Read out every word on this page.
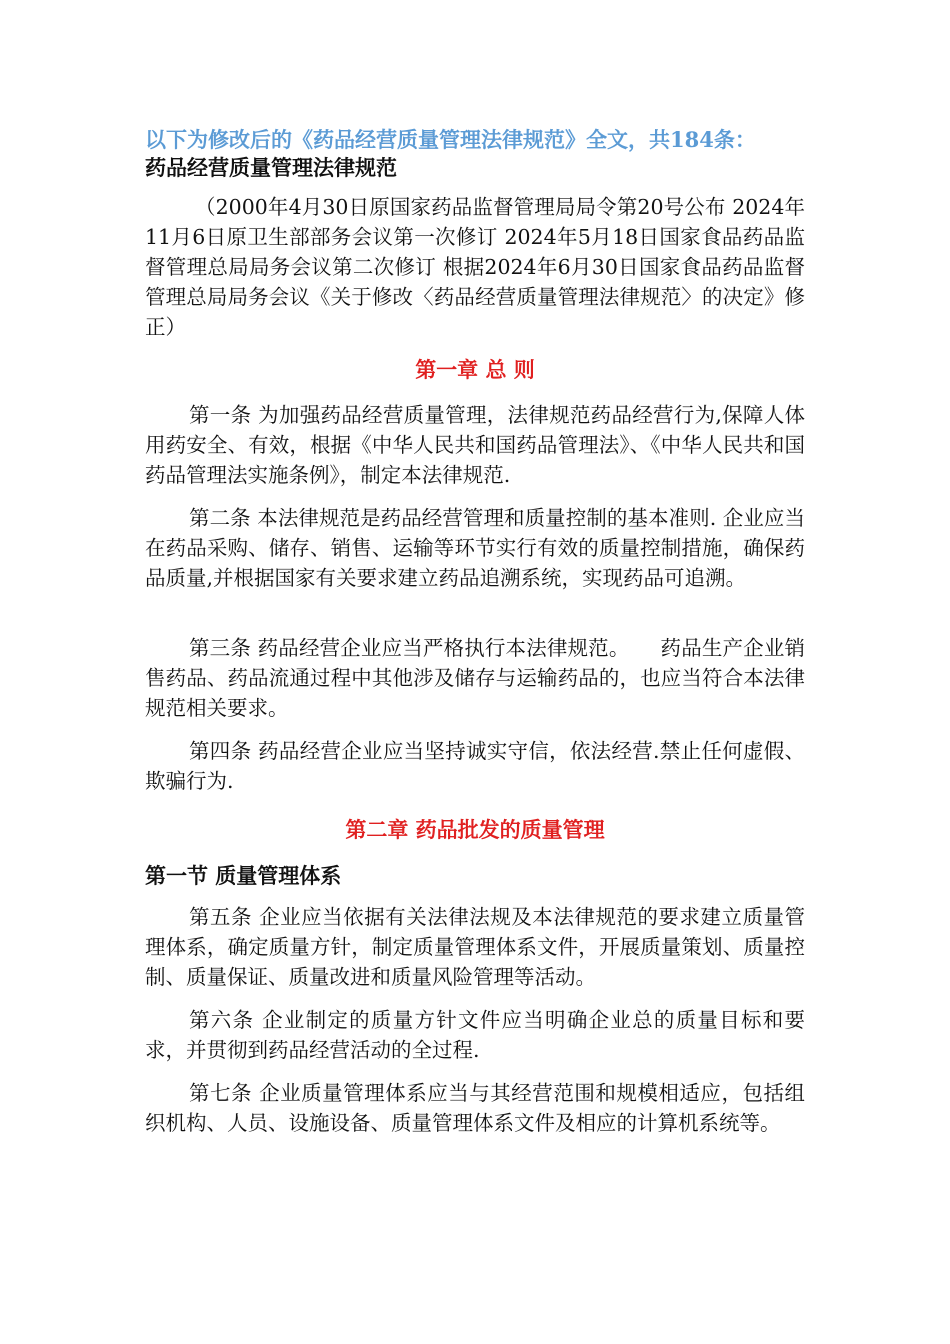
以下为修改后的《药品经营质量管理法律规范》全文，共184条：
药品经营质量管理法律规范
（2000年4月30日原国家药品监督管理局局令第20号公布 2024年11月6日原卫生部部务会议第一次修订 2024年5月18日国家食品药品监督管理总局局务会议第二次修订 根据2024年6月30日国家食品药品监督管理总局局务会议《关于修改〈药品经营质量管理法律规范〉的决定》修正）
第一章 总 则
第一条 为加强药品经营质量管理，法律规范药品经营行为,保障人体用药安全、有效，根据《中华人民共和国药品管理法》、《中华人民共和国药品管理法实施条例》，制定本法律规范.
第二条 本法律规范是药品经营管理和质量控制的基本准则. 企业应当在药品采购、储存、销售、运输等环节实行有效的质量控制措施，确保药品质量,并根据国家有关要求建立药品追溯系统，实现药品可追溯。
第三条 药品经营企业应当严格执行本法律规范。　　药品生产企业销售药品、药品流通过程中其他涉及储存与运输药品的，也应当符合本法律规范相关要求。
第四条 药品经营企业应当坚持诚实守信，依法经营.禁止任何虚假、欺骗行为.
第二章 药品批发的质量管理
第一节 质量管理体系
第五条 企业应当依据有关法律法规及本法律规范的要求建立质量管理体系，确定质量方针，制定质量管理体系文件，开展质量策划、质量控制、质量保证、质量改进和质量风险管理等活动。
第六条 企业制定的质量方针文件应当明确企业总的质量目标和要求，并贯彻到药品经营活动的全过程.
第七条 企业质量管理体系应当与其经营范围和规模相适应，包括组织机构、人员、设施设备、质量管理体系文件及相应的计算机系统等。
